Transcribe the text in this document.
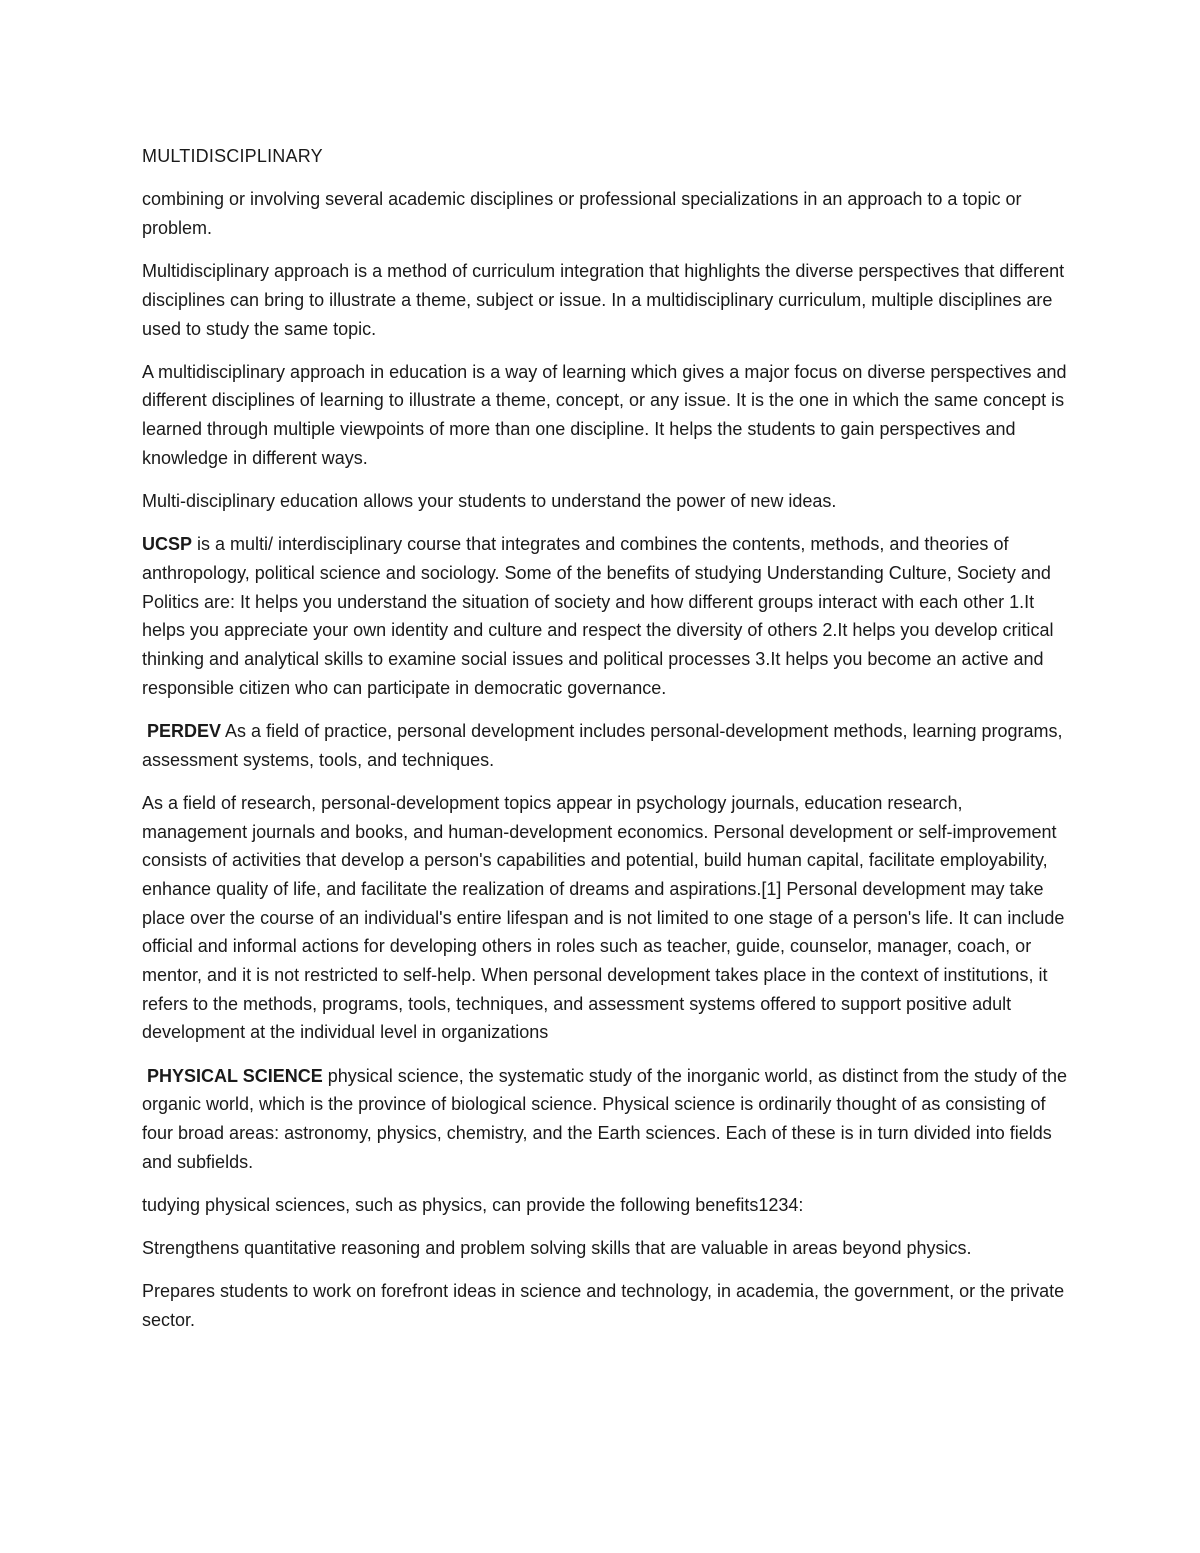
MULTIDISCIPLINARY

combining or involving several academic disciplines or professional specializations in an approach to a topic or problem.

Multidisciplinary approach is a method of curriculum integration that highlights the diverse perspectives that different disciplines can bring to illustrate a theme, subject or issue. In a multidisciplinary curriculum, multiple disciplines are used to study the same topic.

A multidisciplinary approach in education is a way of learning which gives a major focus on diverse perspectives and different disciplines of learning to illustrate a theme, concept, or any issue. It is the one in which the same concept is learned through multiple viewpoints of more than one discipline. It helps the students to gain perspectives and knowledge in different ways.

Multi-disciplinary education allows your students to understand the power of new ideas.

UCSP is a multi/ interdisciplinary course that integrates and combines the contents, methods, and theories of anthropology, political science and sociology. Some of the benefits of studying Understanding Culture, Society and Politics are: It helps you understand the situation of society and how different groups interact with each other 1.It helps you appreciate your own identity and culture and respect the diversity of others 2.It helps you develop critical thinking and analytical skills to examine social issues and political processes 3.It helps you become an active and responsible citizen who can participate in democratic governance.

PERDEV As a field of practice, personal development includes personal-development methods, learning programs, assessment systems, tools, and techniques.

As a field of research, personal-development topics appear in psychology journals, education research, management journals and books, and human-development economics. Personal development or self-improvement consists of activities that develop a person's capabilities and potential, build human capital, facilitate employability, enhance quality of life, and facilitate the realization of dreams and aspirations.[1] Personal development may take place over the course of an individual's entire lifespan and is not limited to one stage of a person's life. It can include official and informal actions for developing others in roles such as teacher, guide, counselor, manager, coach, or mentor, and it is not restricted to self-help. When personal development takes place in the context of institutions, it refers to the methods, programs, tools, techniques, and assessment systems offered to support positive adult development at the individual level in organizations

PHYSICAL SCIENCE physical science, the systematic study of the inorganic world, as distinct from the study of the organic world, which is the province of biological science. Physical science is ordinarily thought of as consisting of four broad areas: astronomy, physics, chemistry, and the Earth sciences. Each of these is in turn divided into fields and subfields.

tudying physical sciences, such as physics, can provide the following benefits1234:

Strengthens quantitative reasoning and problem solving skills that are valuable in areas beyond physics.

Prepares students to work on forefront ideas in science and technology, in academia, the government, or the private sector.
